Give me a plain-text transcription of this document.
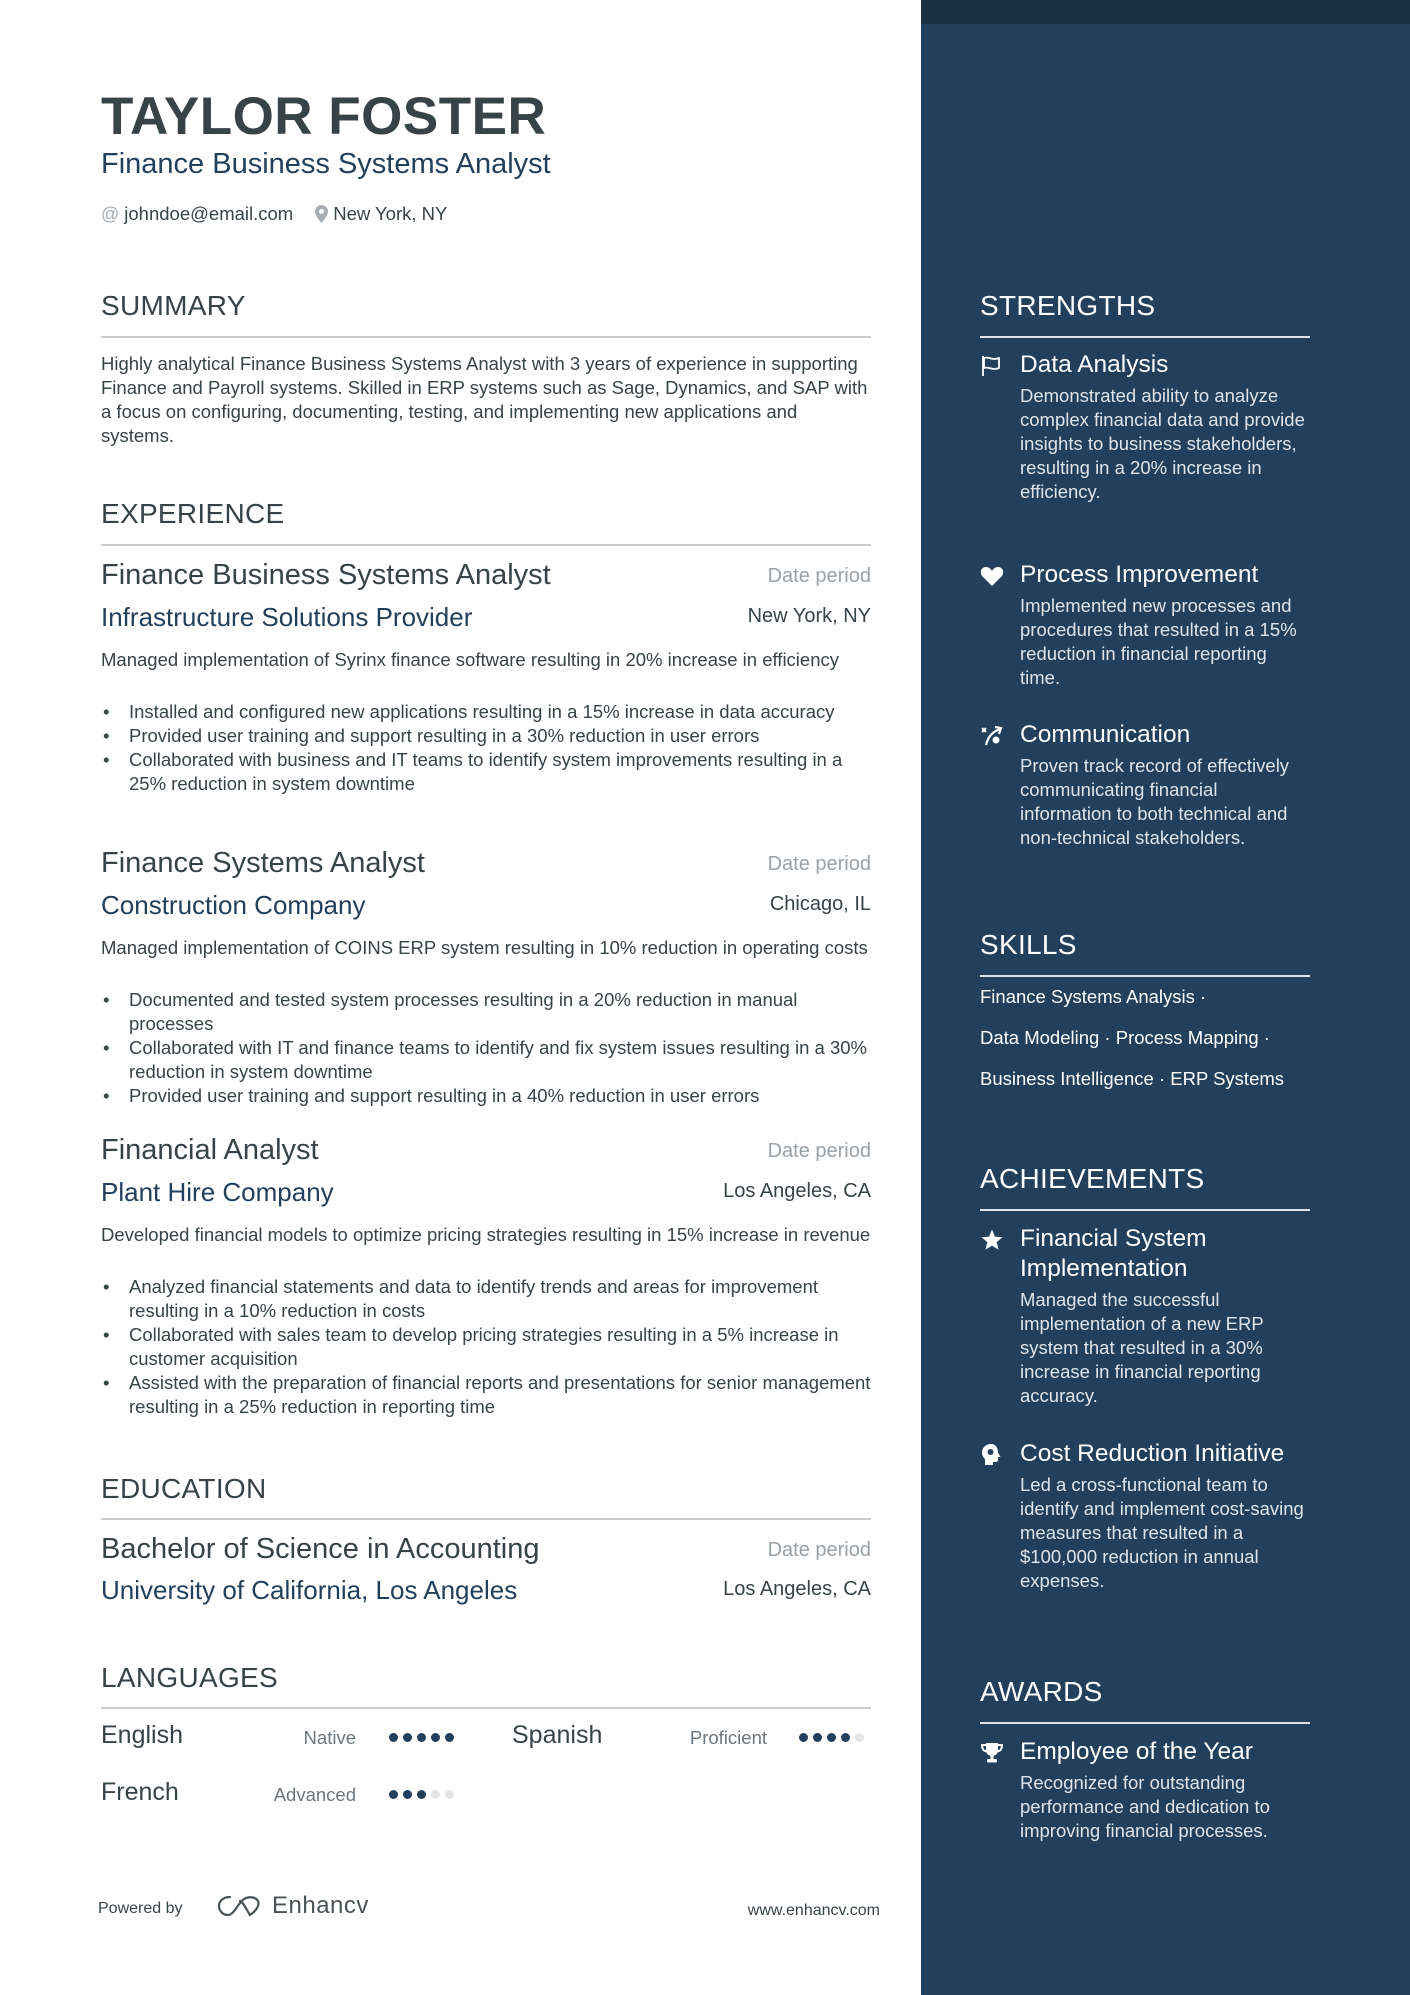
TAYLOR FOSTER
Finance Business Systems Analyst
@ johndoe@email.com New York, NY
SUMMARY
Highly analytical Finance Business Systems Analyst with 3 years of experience in supporting Finance and Payroll systems. Skilled in ERP systems such as Sage, Dynamics, and SAP with a focus on configuring, documenting, testing, and implementing new applications and systems.
EXPERIENCE
Finance Business Systems Analyst	Date period
Infrastructure Solutions Provider	New York, NY
Managed implementation of Syrinx finance software resulting in 20% increase in efficiency
• Installed and configured new applications resulting in a 15% increase in data accuracy
• Provided user training and support resulting in a 30% reduction in user errors
• Collaborated with business and IT teams to identify system improvements resulting in a 25% reduction in system downtime
Finance Systems Analyst	Date period
Construction Company	Chicago, IL
Managed implementation of COINS ERP system resulting in 10% reduction in operating costs
• Documented and tested system processes resulting in a 20% reduction in manual processes
• Collaborated with IT and finance teams to identify and fix system issues resulting in a 30% reduction in system downtime
• Provided user training and support resulting in a 40% reduction in user errors
Financial Analyst	Date period
Plant Hire Company	Los Angeles, CA
Developed financial models to optimize pricing strategies resulting in 15% increase in revenue
• Analyzed financial statements and data to identify trends and areas for improvement resulting in a 10% reduction in costs
• Collaborated with sales team to develop pricing strategies resulting in a 5% increase in customer acquisition
• Assisted with the preparation of financial reports and presentations for senior management resulting in a 25% reduction in reporting time
EDUCATION
Bachelor of Science in Accounting	Date period
University of California, Los Angeles	Los Angeles, CA
LANGUAGES
English	Native	Spanish	Proficient
French	Advanced
Powered by	Enhancv	www.enhancv.com
STRENGTHS
Data Analysis
Demonstrated ability to analyze complex financial data and provide insights to business stakeholders, resulting in a 20% increase in efficiency.
Process Improvement
Implemented new processes and procedures that resulted in a 15% reduction in financial reporting time.
Communication
Proven track record of effectively communicating financial information to both technical and non-technical stakeholders.
SKILLS
Finance Systems Analysis ·
Data Modeling · Process Mapping ·
Business Intelligence · ERP Systems
ACHIEVEMENTS
Financial System Implementation
Managed the successful implementation of a new ERP system that resulted in a 30% increase in financial reporting accuracy.
Cost Reduction Initiative
Led a cross-functional team to identify and implement cost-saving measures that resulted in a $100,000 reduction in annual expenses.
AWARDS
Employee of the Year
Recognized for outstanding performance and dedication to improving financial processes.
